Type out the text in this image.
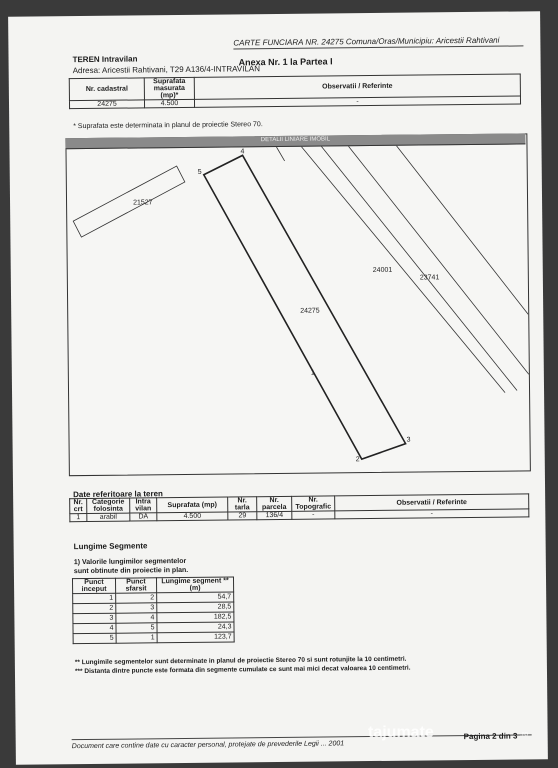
CARTE FUNCIARA NR. 24275 Comuna/Oras/Municipiu: Aricestii Rahtivani
TEREN Intravilan	Anexa Nr. 1 la Partea I
Adresa: Aricestii Rahtivani, T29 A136/4-INTRAVILAN
Nr. cadastral	Suprafata masurata (mp)*	Observatii / Referinte
24275	4.500	-
* Suprafata este determinata in planul de proiectie Stereo 70.
21527
24275
24001
23741
1
2
3
4
5
DETALII LINIARE IMOBIL
Date referitoare la teren
Nr. crt	Categorie folosinta	Intra vilan	Suprafata (mp)	Nr. tarla	Nr. parcela	Nr. Topografic	Observatii / Referinte
1	arabil	DA	4.500	29	136/4	-	-
Lungime Segmente
1) Valorile lungimilor segmentelor
sunt obtinute din proiectie in plan.
Punct inceput	Punct sfarsit	Lungime segment ** (m)
1	2	54,7
2	3	28,5
3	4	182,5
4	5	24,3
5	1	123,7
** Lungimile segmentelor sunt determinate in planul de proiectie Stereo 70 si sunt rotunjite la 10 centimetri.
*** Distanta dintre puncte este formata din segmente cumulate ce sunt mai mici decat valoarea 10 centimetri.
Document care contine date cu caracter personal, protejate de prevederile Legii ... 2001
Pagina 2 din 3
tajumate	.ro
